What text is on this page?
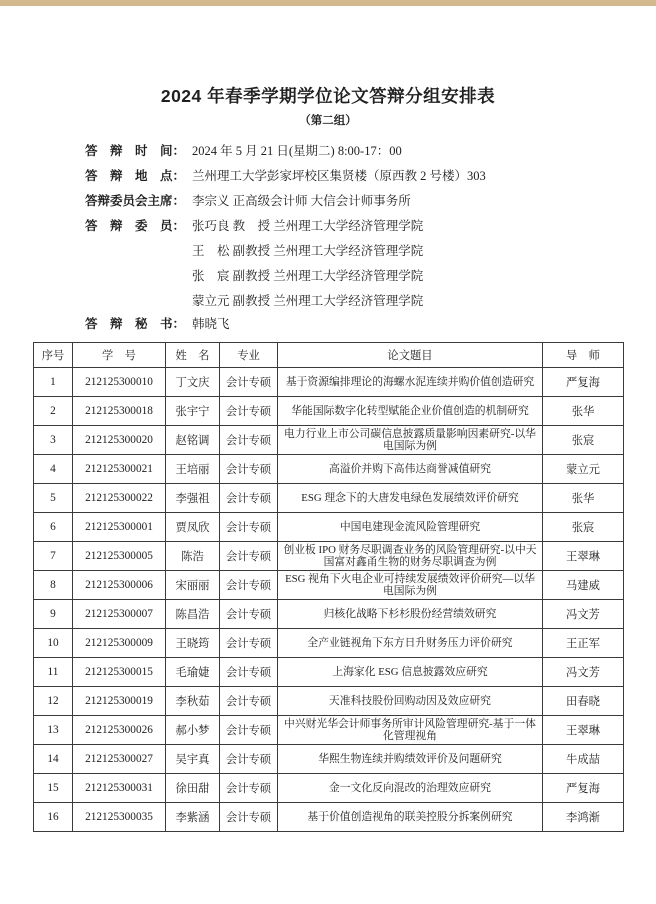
2024 年春季学期学位论文答辩分组安排表
（第二组）
答　辩　时　间： 2024 年 5 月 21 日(星期二) 8:00-17：00
答　辩　地　点： 兰州理工大学彭家坪校区集贤楼（原西教 2 号楼）303
答辩委员会主席： 李宗义 正高级会计师 大信会计师事务所
答　辩　委　员： 张巧良 教　授 兰州理工大学经济管理学院
王　松 副教授 兰州理工大学经济管理学院
张　宸 副教授 兰州理工大学经济管理学院
蒙立元 副教授 兰州理工大学经济管理学院
答　辩　秘　书： 韩晓飞
序号	学　号	姓　名	专业	论文题目	导　师
1	212125300010	丁文庆	会计专硕	基于资源编排理论的海螺水泥连续并购价值创造研究	严复海
2	212125300018	张宇宁	会计专硕	华能国际数字化转型赋能企业价值创造的机制研究	张华
3	212125300020	赵铭调	会计专硕	电力行业上市公司碳信息披露质量影响因素研究-以华电国际为例	张宸
4	212125300021	王培丽	会计专硕	高溢价并购下高伟达商誉减值研究	蒙立元
5	212125300022	李强祖	会计专硕	ESG 理念下的大唐发电绿色发展绩效评价研究	张华
6	212125300001	贾凤欣	会计专硕	中国电建现金流风险管理研究	张宸
7	212125300005	陈浩	会计专硕	创业板 IPO 财务尽职调查业务的风险管理研究-以中天国富对鑫甬生物的财务尽职调查为例	王翠琳
8	212125300006	宋丽丽	会计专硕	ESG 视角下火电企业可持续发展绩效评价研究—以华电国际为例	马建威
9	212125300007	陈昌浩	会计专硕	归核化战略下杉杉股份经营绩效研究	冯文芳
10	212125300009	王晓筠	会计专硕	全产业链视角下东方日升财务压力评价研究	王正军
11	212125300015	毛瑜婕	会计专硕	上海家化 ESG 信息披露效应研究	冯文芳
12	212125300019	李秋茹	会计专硕	天准科技股份回购动因及效应研究	田春晓
13	212125300026	郝小梦	会计专硕	中兴财光华会计师事务所审计风险管理研究-基于一体化管理视角	王翠琳
14	212125300027	吴宇真	会计专硕	华熙生物连续并购绩效评价及问题研究	牛成喆
15	212125300031	徐田甜	会计专硕	金一文化反向混改的治理效应研究	严复海
16	212125300035	李紫涵	会计专硕	基于价值创造视角的联美控股分拆案例研究	李鸿渐
